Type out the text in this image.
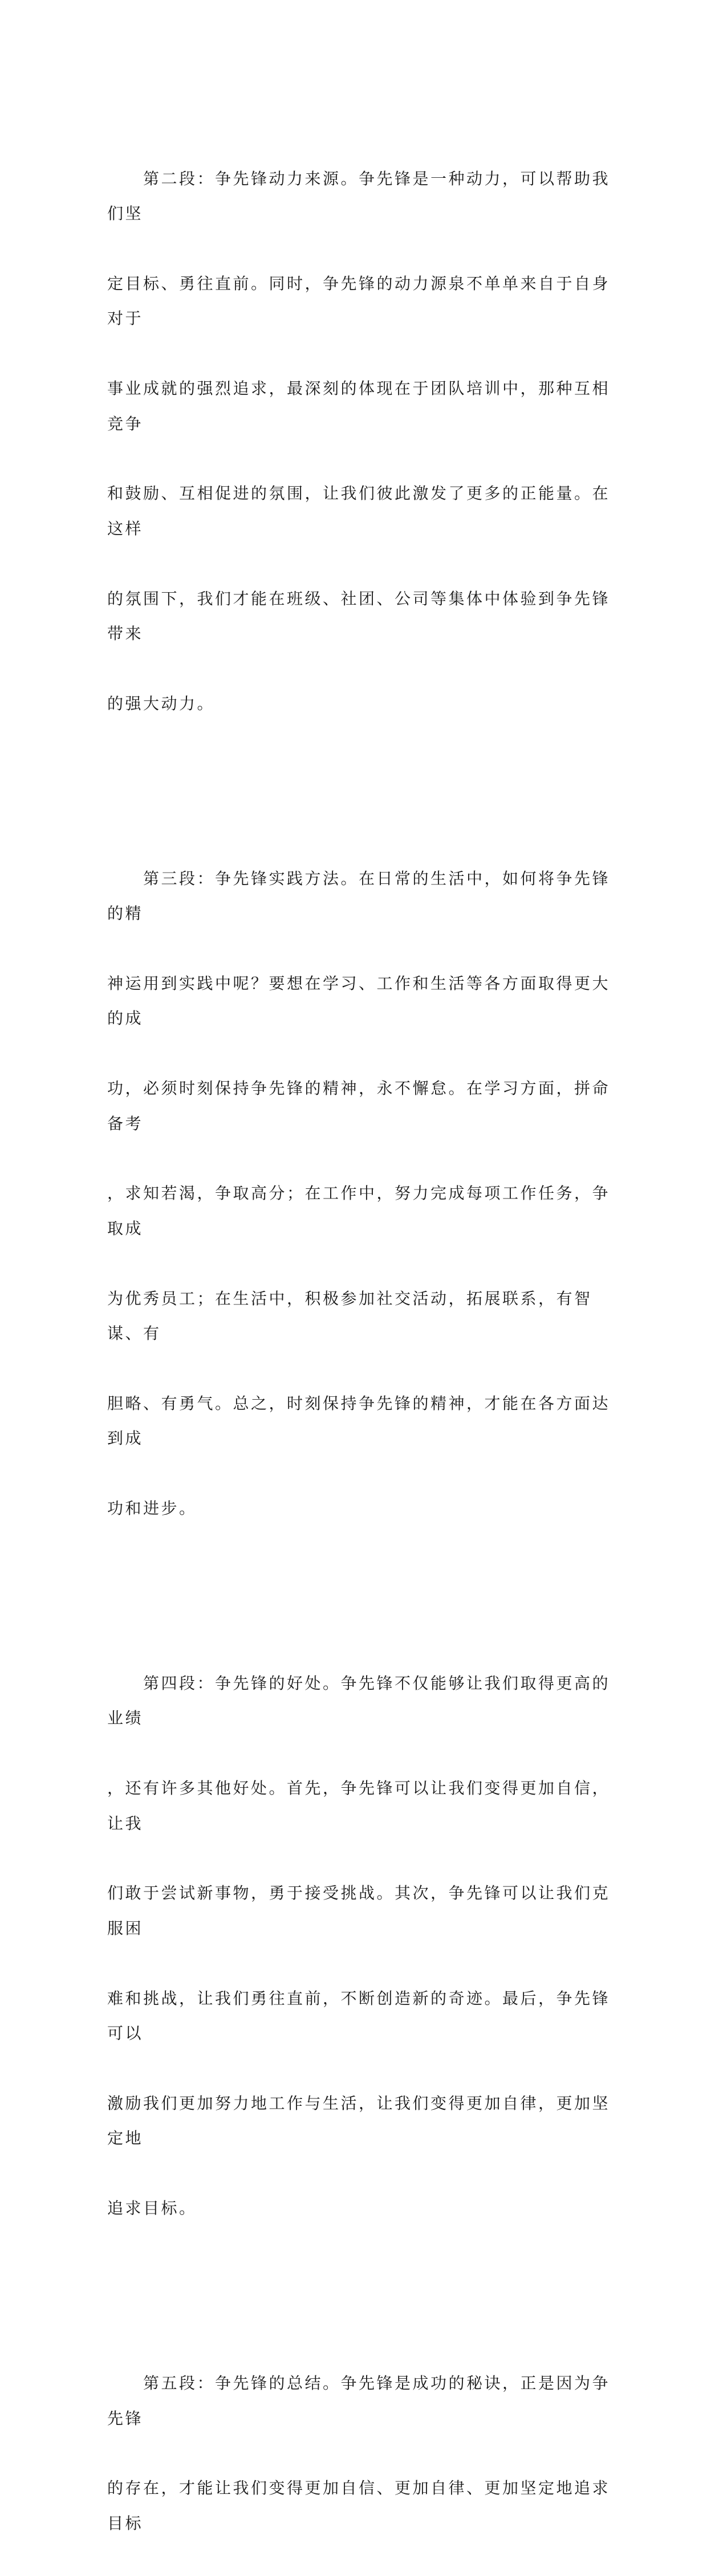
　　第二段：争先锋动力来源。争先锋是一种动力，可以帮助我们坚

定目标、勇往直前。同时，争先锋的动力源泉不单单来自于自身对于

事业成就的强烈追求，最深刻的体现在于团队培训中，那种互相竞争

和鼓励、互相促进的氛围，让我们彼此激发了更多的正能量。在这样

的氛围下，我们才能在班级、社团、公司等集体中体验到争先锋带来

的强大动力。

　　第三段：争先锋实践方法。在日常的生活中，如何将争先锋的精

神运用到实践中呢？要想在学习、工作和生活等各方面取得更大的成

功，必须时刻保持争先锋的精神，永不懈怠。在学习方面，拼命备考

，求知若渴，争取高分；在工作中，努力完成每项工作任务，争取成

为优秀员工；在生活中，积极参加社交活动，拓展联系，有智谋、有

胆略、有勇气。总之，时刻保持争先锋的精神，才能在各方面达到成

功和进步。

　　第四段：争先锋的好处。争先锋不仅能够让我们取得更高的业绩

，还有许多其他好处。首先，争先锋可以让我们变得更加自信，让我

们敢于尝试新事物，勇于接受挑战。其次，争先锋可以让我们克服困

难和挑战，让我们勇往直前，不断创造新的奇迹。最后，争先锋可以

激励我们更加努力地工作与生活，让我们变得更加自律，更加坚定地

追求目标。

　　第五段：争先锋的总结。争先锋是成功的秘诀，正是因为争先锋

的存在，才能让我们变得更加自信、更加自律、更加坚定地追求目标
